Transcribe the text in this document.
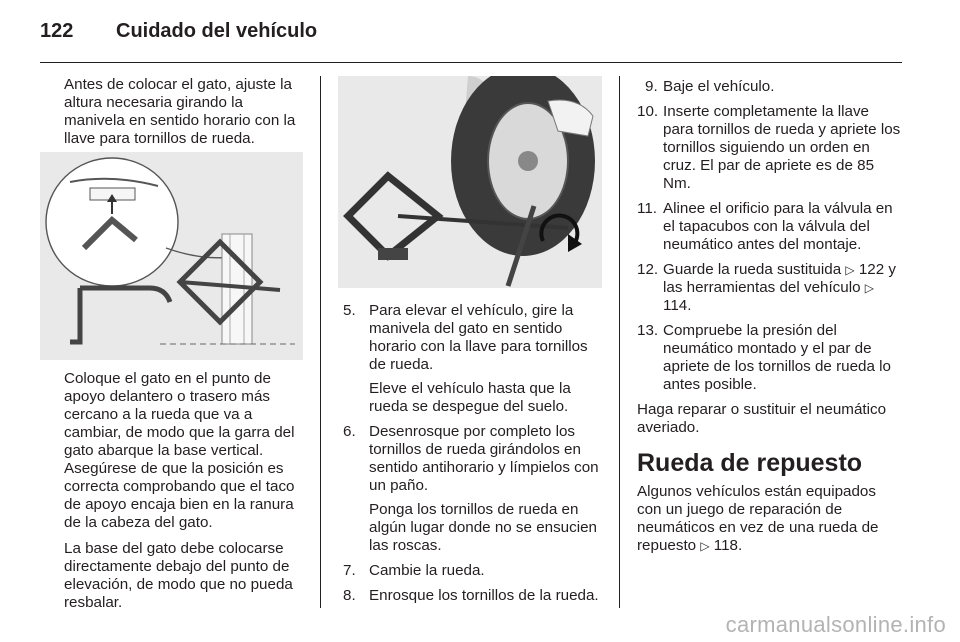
122 Cuidado del vehículo

Antes de colocar el gato, ajuste la altura necesaria girando la manivela en sentido horario con la llave para tornillos de rueda.

Coloque el gato en el punto de apoyo delantero o trasero más cercano a la rueda que va a cambiar, de modo que la garra del gato abarque la base vertical. Asegúrese de que la posición es correcta comprobando que el taco de apoyo encaja bien en la ranura de la cabeza del gato.

La base del gato debe colocarse directamente debajo del punto de elevación, de modo que no pueda resbalar.

5. Para elevar el vehículo, gire la manivela del gato en sentido horario con la llave para tornillos de rueda.
Eleve el vehículo hasta que la rueda se despegue del suelo.
6. Desenrosque por completo los tornillos de rueda girándolos en sentido antihorario y límpielos con un paño.
Ponga los tornillos de rueda en algún lugar donde no se ensucien las roscas.
7. Cambie la rueda.
8. Enrosque los tornillos de la rueda.
9. Baje el vehículo.
10. Inserte completamente la llave para tornillos de rueda y apriete los tornillos siguiendo un orden en cruz. El par de apriete es de 85 Nm.
11. Alinee el orificio para la válvula en el tapacubos con la válvula del neumático antes del montaje.
12. Guarde la rueda sustituida ▷ 122 y las herramientas del vehículo ▷ 114.
13. Compruebe la presión del neumático montado y el par de apriete de los tornillos de rueda lo antes posible.

Haga reparar o sustituir el neumático averiado.

Rueda de repuesto

Algunos vehículos están equipados con un juego de reparación de neumáticos en vez de una rueda de repuesto ▷ 118.

carmanualsonline.info
